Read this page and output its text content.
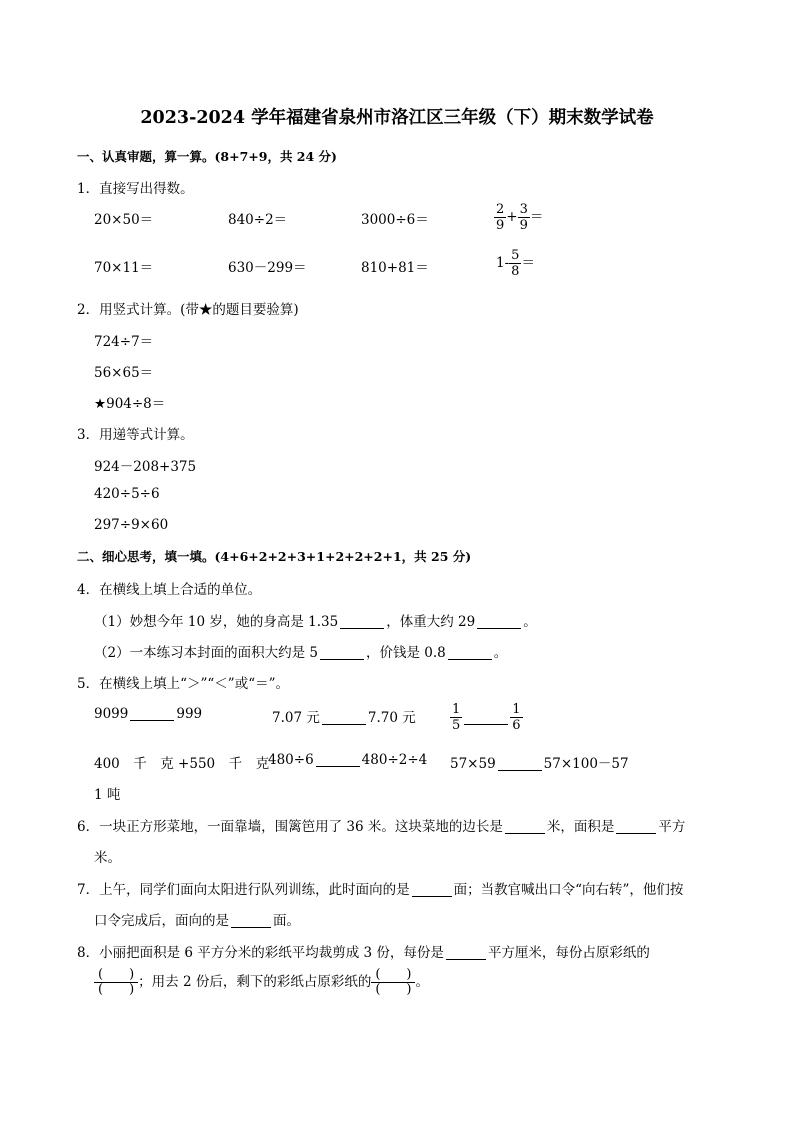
2023-2024 学年福建省泉州市洛江区三年级（下）期末数学试卷
一、认真审题，算一算。(8+7+9，共 24 分)
1．直接写出得数。
20×50＝	840÷2＝	3000÷6＝	$\frac{2}{9} + \frac{3}{9}$ ＝
70×11＝	630－299＝	810+81＝	$1- \frac{5}{8}$ ＝
2．用竖式计算。(带★的题目要验算)
724÷7＝
56×65＝
★904÷8＝
3．用递等式计算。
924－208+375
420÷5÷6
297÷9×60
二、细心思考，填一填。(4+6+2+2+3+1+2+2+2+1，共 25 分)
4．在横线上填上合适的单位。
（1）妙想今年 10 岁，她的身高是 1.35	，体重大约 29	。
（2）一本练习本封面的面积大约是 5	，价钱是 0.8	。
5．在横线上填上“＞”“＜”或“＝”。
9099	999	7.07 元	7.70 元	$\frac{1}{5}$	$\frac{1}{6}$
400　千　克 +550　千　克
1 吨
480÷6	480÷2÷4 57×59	57×100－57
6．一块正方形菜地，一面靠墙，围篱笆用了 36 米。这块菜地的边长是	米，面积是	平方
米。
7．上午，同学们面向太阳进行队列训练，此时面向的是	面；当教官喊出口令“向右转”，他们按
口令完成后，面向的是	面。
8．小丽把面积是 6 平方分米的彩纸平均裁剪成 3 份，每份是	平方厘米，每份占原彩纸的
$\frac{( )}{( )}$ ；用去 2 份后，剩下的彩纸占原彩纸的 $\frac{( )}{( )}$ 。
